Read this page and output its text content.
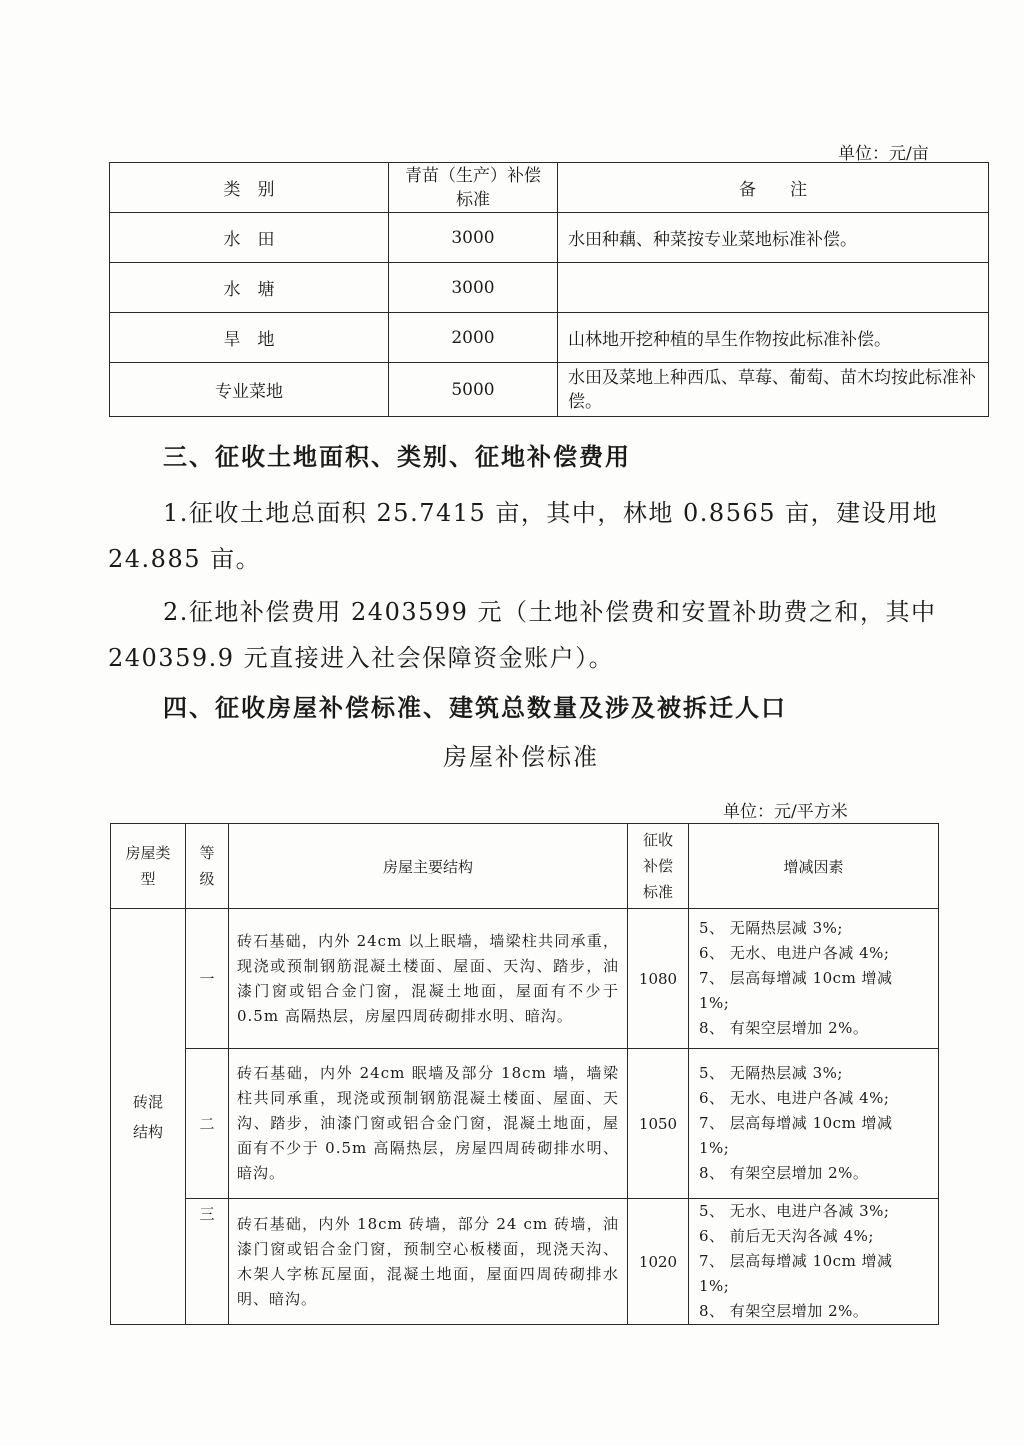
单位：元/亩
类　别	青苗（生产）补偿标准	备　　注
水　田	3000	水田种藕、种菜按专业菜地标准补偿。
水　塘	3000	
旱　地	2000	山林地开挖种植的旱生作物按此标准补偿。
专业菜地	5000	水田及菜地上种西瓜、草莓、葡萄、苗木均按此标准补偿。
三、征收土地面积、类别、征地补偿费用
1.征收土地总面积 25.7415 亩，其中，林地 0.8565 亩，建设用地 24.885 亩。
2.征地补偿费用 2403599 元（土地补偿费和安置补助费之和，其中 240359.9 元直接进入社会保障资金账户）。
四、征收房屋补偿标准、建筑总数量及涉及被拆迁人口
房屋补偿标准
单位：元/平方米
房屋类型	等级	房屋主要结构	征收补偿标准	增减因素
砖混结构	一	砖石基础，内外 24cm 以上眠墙，墙梁柱共同承重，现浇或预制钢筋混凝土楼面、屋面、天沟、踏步，油漆门窗或铝合金门窗，混凝土地面，屋面有不少于 0.5m 高隔热层，房屋四周砖砌排水明、暗沟。	1080	5、 无隔热层减 3%;
6、 无水、电进户各减 4%;
7、 层高每增减 10cm 增减 1%;
8、 有架空层增加 2%。

	二	砖石基础，内外 24cm 眠墙及部分 18cm 墙，墙梁柱共同承重，现浇或预制钢筋混凝土楼面、屋面、天沟、踏步，油漆门窗或铝合金门窗，混凝土地面，屋面有不少于 0.5m 高隔热层，房屋四周砖砌排水明、暗沟。	1050	5、 无隔热层减 3%;
6、 无水、电进户各减 4%;
7、 层高每增减 10cm 增减 1%;
8、 有架空层增加 2%。

	三	砖石基础，内外 18cm 砖墙，部分 24 cm 砖墙，油漆门窗或铝合金门窗，预制空心板楼面，现浇天沟、木架人字栋瓦屋面，混凝土地面，屋面四周砖砌排水明、暗沟。	1020	5、 无水、电进户各减 3%;
6、 前后无天沟各减 4%;
7、 层高每增减 10cm 增减 1%;
8、 有架空层增加 2%。
